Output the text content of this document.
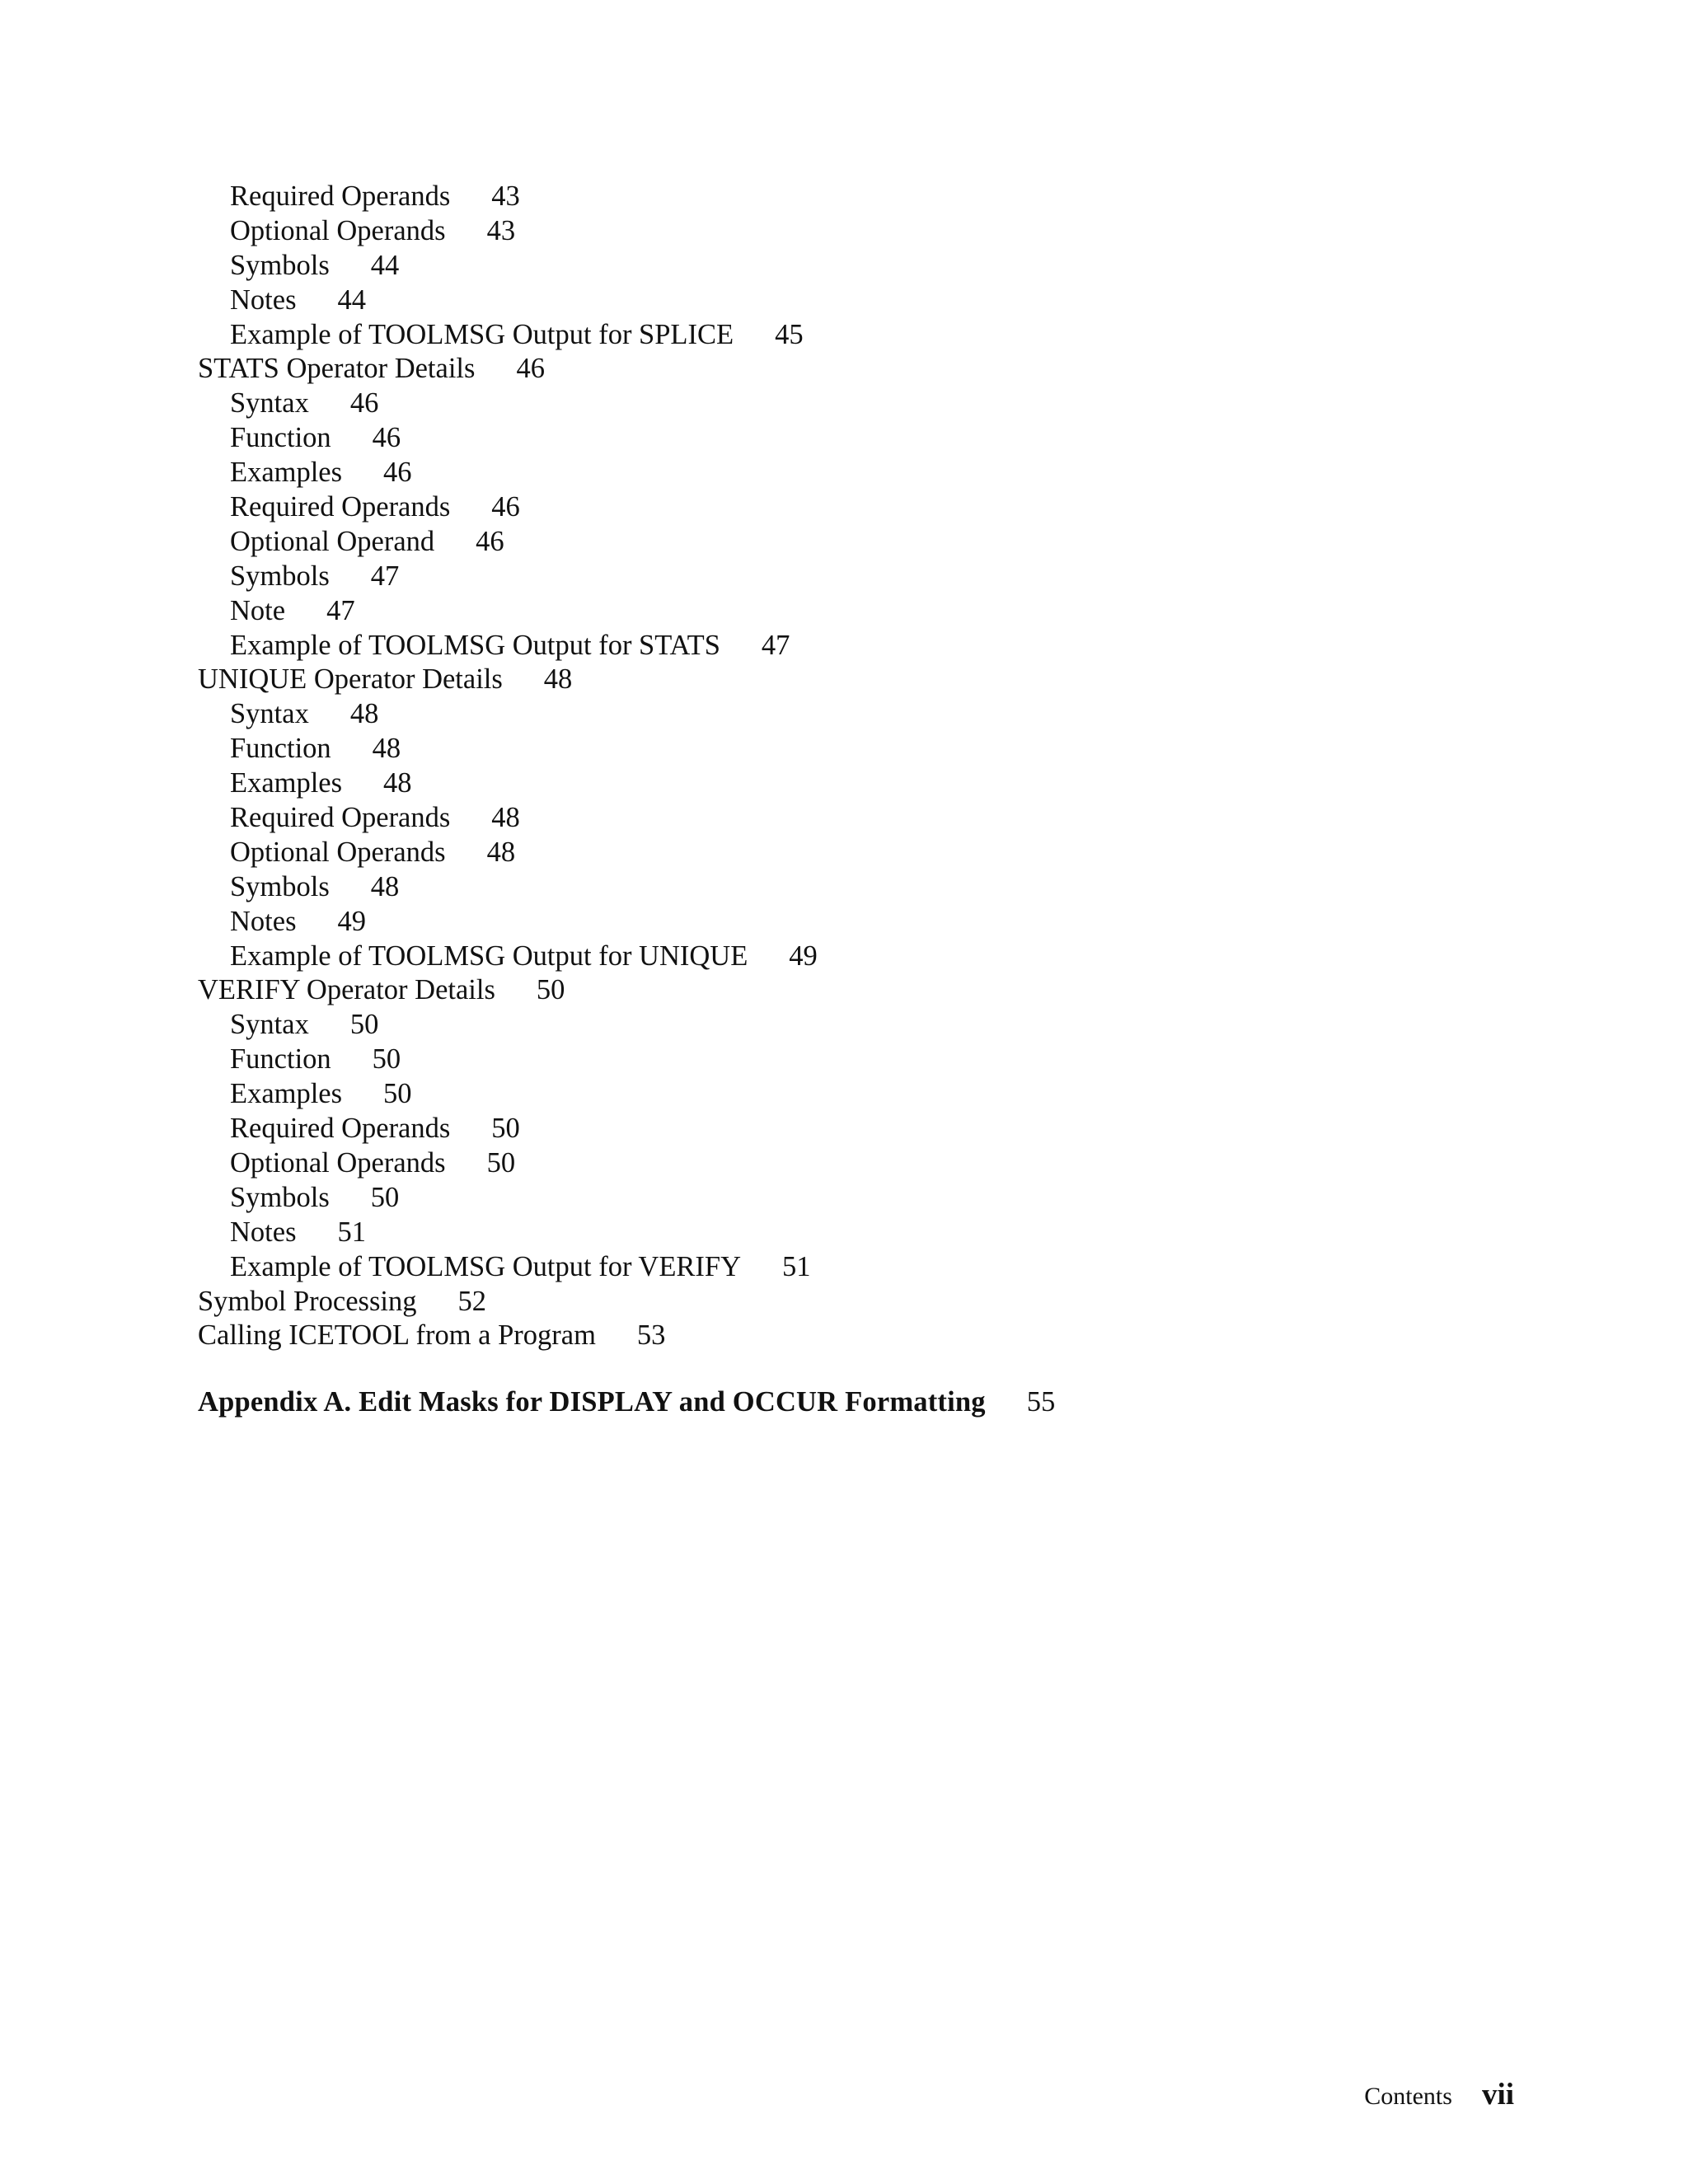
Required Operands 43
Optional Operands 43
Symbols 44
Notes 44
Example of TOOLMSG Output for SPLICE 45
STATS Operator Details 46
Syntax 46
Function 46
Examples 46
Required Operands 46
Optional Operand 46
Symbols 47
Note 47
Example of TOOLMSG Output for STATS 47
UNIQUE Operator Details 48
Syntax 48
Function 48
Examples 48
Required Operands 48
Optional Operands 48
Symbols 48
Notes 49
Example of TOOLMSG Output for UNIQUE 49
VERIFY Operator Details 50
Syntax 50
Function 50
Examples 50
Required Operands 50
Optional Operands 50
Symbols 50
Notes 51
Example of TOOLMSG Output for VERIFY 51
Symbol Processing 52
Calling ICETOOL from a Program 53
Appendix A. Edit Masks for DISPLAY and OCCUR Formatting 55
Contents vii
